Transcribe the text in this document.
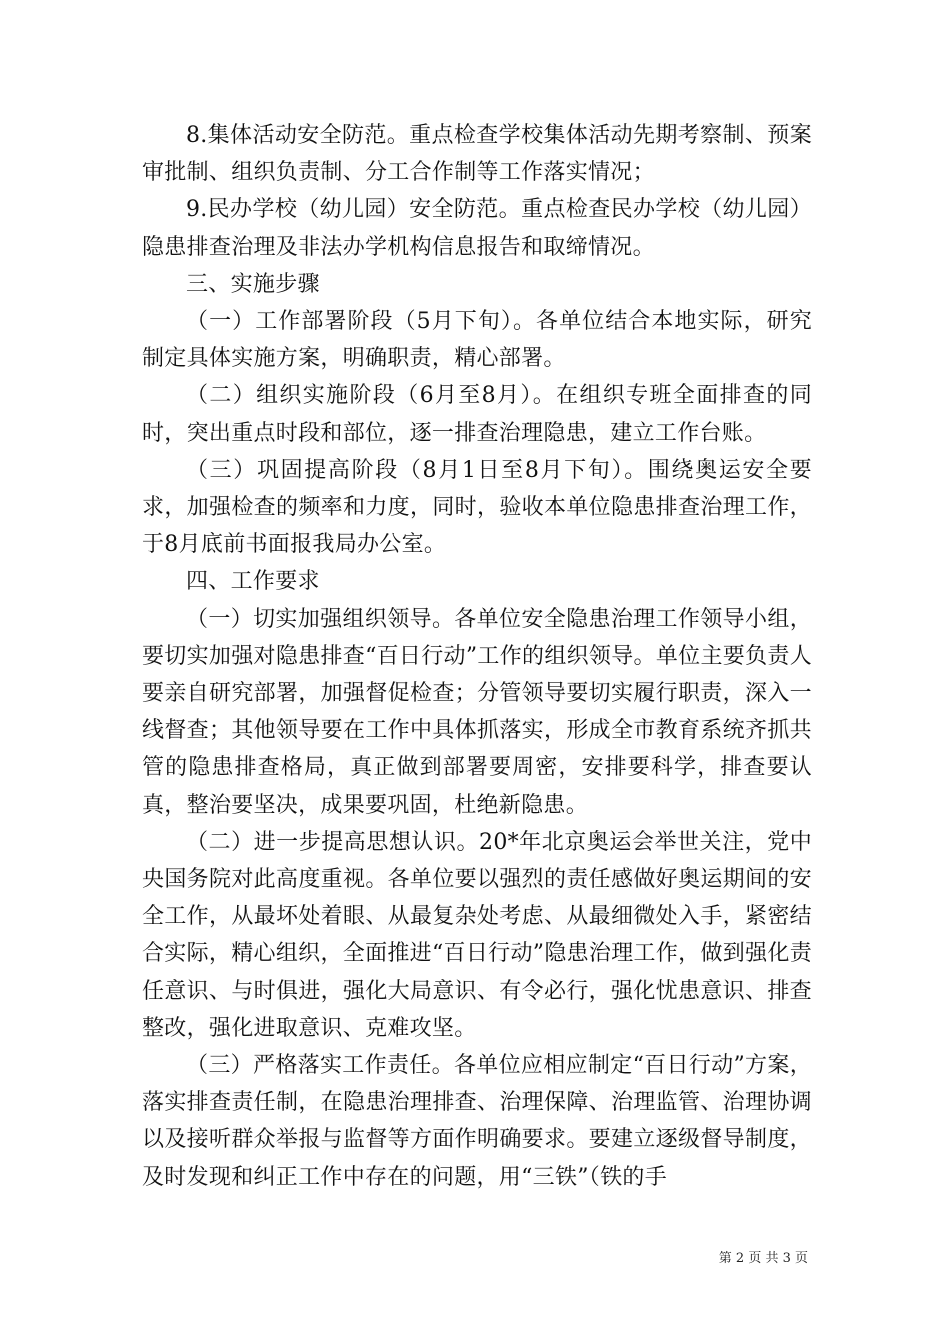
8.集体活动安全防范。重点检查学校集体活动先期考察制、预案审批制、组织负责制、分工合作制等工作落实情况；

9.民办学校（幼儿园）安全防范。重点检查民办学校（幼儿园）隐患排查治理及非法办学机构信息报告和取缔情况。

三、实施步骤

（一）工作部署阶段（5月下旬）。各单位结合本地实际，研究制定具体实施方案，明确职责，精心部署。

（二）组织实施阶段（6月至8月）。在组织专班全面排查的同时，突出重点时段和部位，逐一排查治理隐患，建立工作台账。

（三）巩固提高阶段（8月1日至8月下旬）。围绕奥运安全要求，加强检查的频率和力度，同时，验收本单位隐患排查治理工作，于8月底前书面报我局办公室。

四、工作要求

（一）切实加强组织领导。各单位安全隐患治理工作领导小组，要切实加强对隐患排查“百日行动”工作的组织领导。单位主要负责人要亲自研究部署，加强督促检查；分管领导要切实履行职责，深入一线督查；其他领导要在工作中具体抓落实，形成全市教育系统齐抓共管的隐患排查格局，真正做到部署要周密，安排要科学，排查要认真，整治要坚决，成果要巩固，杜绝新隐患。

（二）进一步提高思想认识。20*年北京奥运会举世关注，党中央国务院对此高度重视。各单位要以强烈的责任感做好奥运期间的安全工作，从最坏处着眼、从最复杂处考虑、从最细微处入手，紧密结合实际，精心组织，全面推进“百日行动”隐患治理工作，做到强化责任意识、与时俱进，强化大局意识、有令必行，强化忧患意识、排查整改，强化进取意识、克难攻坚。

（三）严格落实工作责任。各单位应相应制定“百日行动”方案，落实排查责任制，在隐患治理排查、治理保障、治理监管、治理协调以及接听群众举报与监督等方面作明确要求。要建立逐级督导制度，及时发现和纠正工作中存在的问题，用“三铁”（铁的手

第 2 页 共 3 页
